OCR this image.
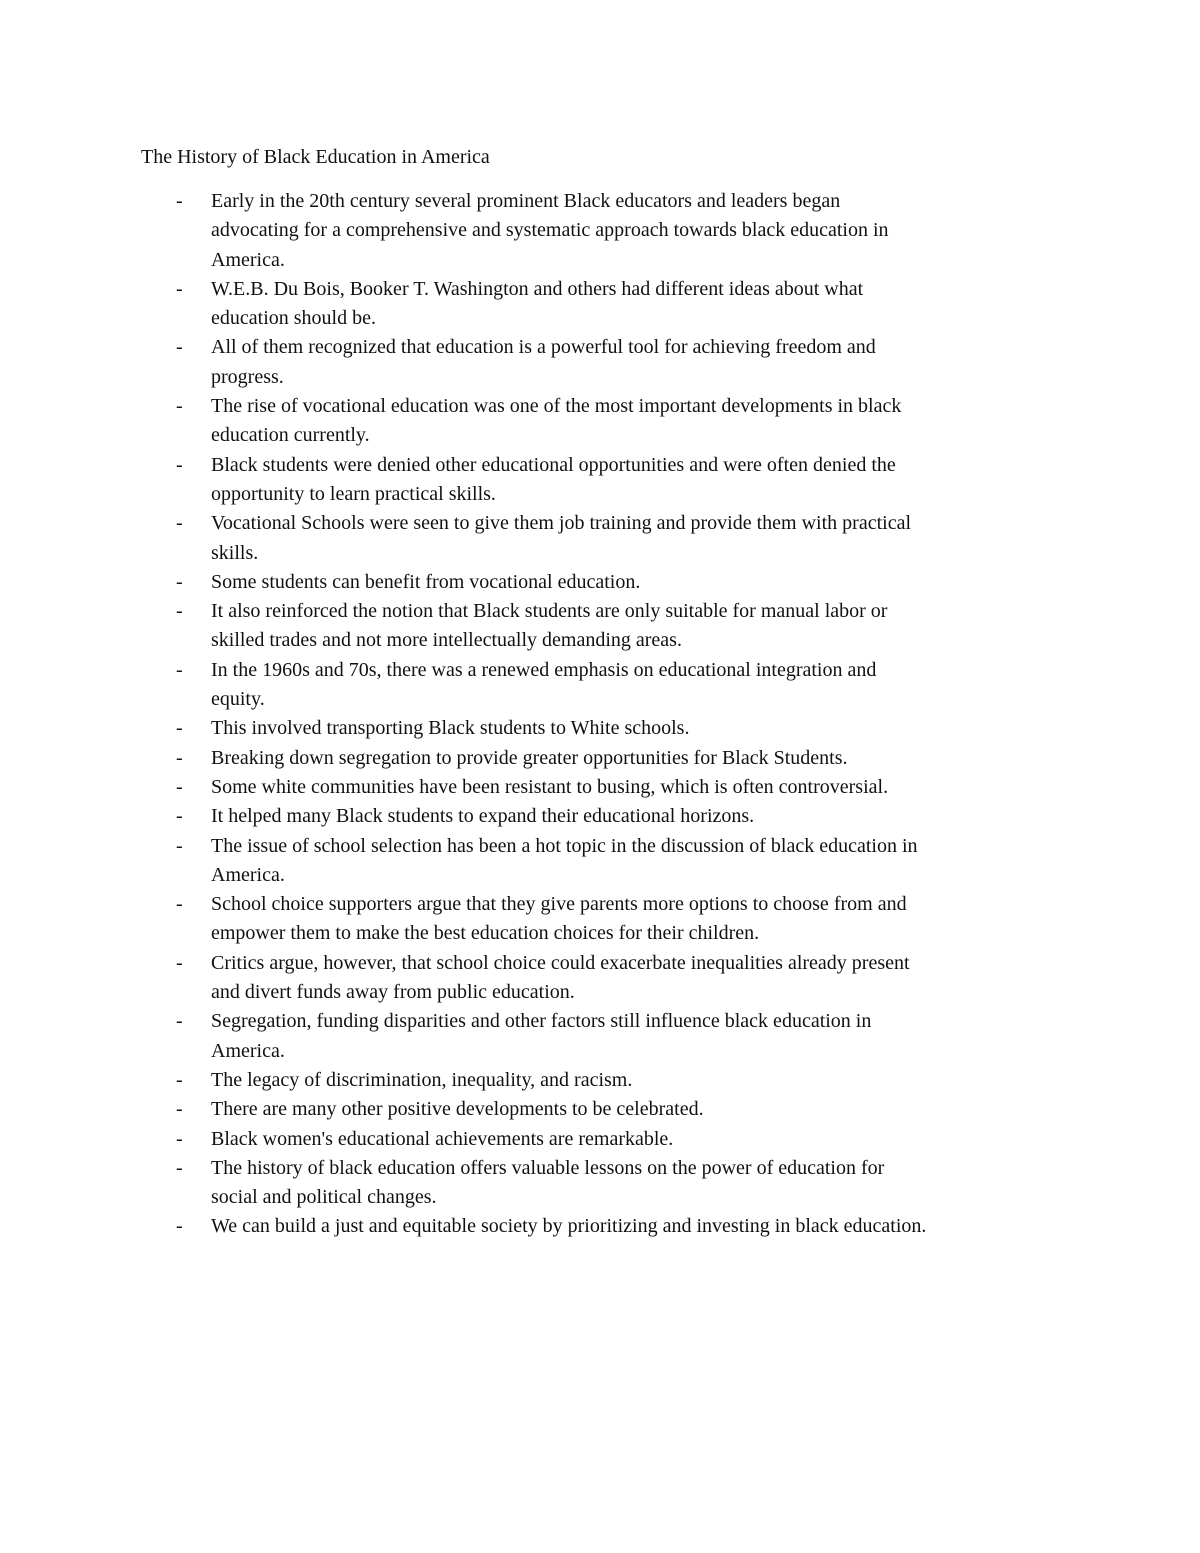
The History of Black Education in America
- Early in the 20th century several prominent Black educators and leaders began
advocating for a comprehensive and systematic approach towards black education in
America.
- W.E.B. Du Bois, Booker T. Washington and others had different ideas about what
education should be.
- All of them recognized that education is a powerful tool for achieving freedom and
progress.
- The rise of vocational education was one of the most important developments in black
education currently.
- Black students were denied other educational opportunities and were often denied the
opportunity to learn practical skills.
- Vocational Schools were seen to give them job training and provide them with practical
skills.
- Some students can benefit from vocational education.
- It also reinforced the notion that Black students are only suitable for manual labor or
skilled trades and not more intellectually demanding areas.
- In the 1960s and 70s, there was a renewed emphasis on educational integration and
equity.
- This involved transporting Black students to White schools.
- Breaking down segregation to provide greater opportunities for Black Students.
- Some white communities have been resistant to busing, which is often controversial.
- It helped many Black students to expand their educational horizons.
- The issue of school selection has been a hot topic in the discussion of black education in
America.
- School choice supporters argue that they give parents more options to choose from and
empower them to make the best education choices for their children.
- Critics argue, however, that school choice could exacerbate inequalities already present
and divert funds away from public education.
- Segregation, funding disparities and other factors still influence black education in
America.
- The legacy of discrimination, inequality, and racism.
- There are many other positive developments to be celebrated.
- Black women's educational achievements are remarkable.
- The history of black education offers valuable lessons on the power of education for
social and political changes.
- We can build a just and equitable society by prioritizing and investing in black education.
